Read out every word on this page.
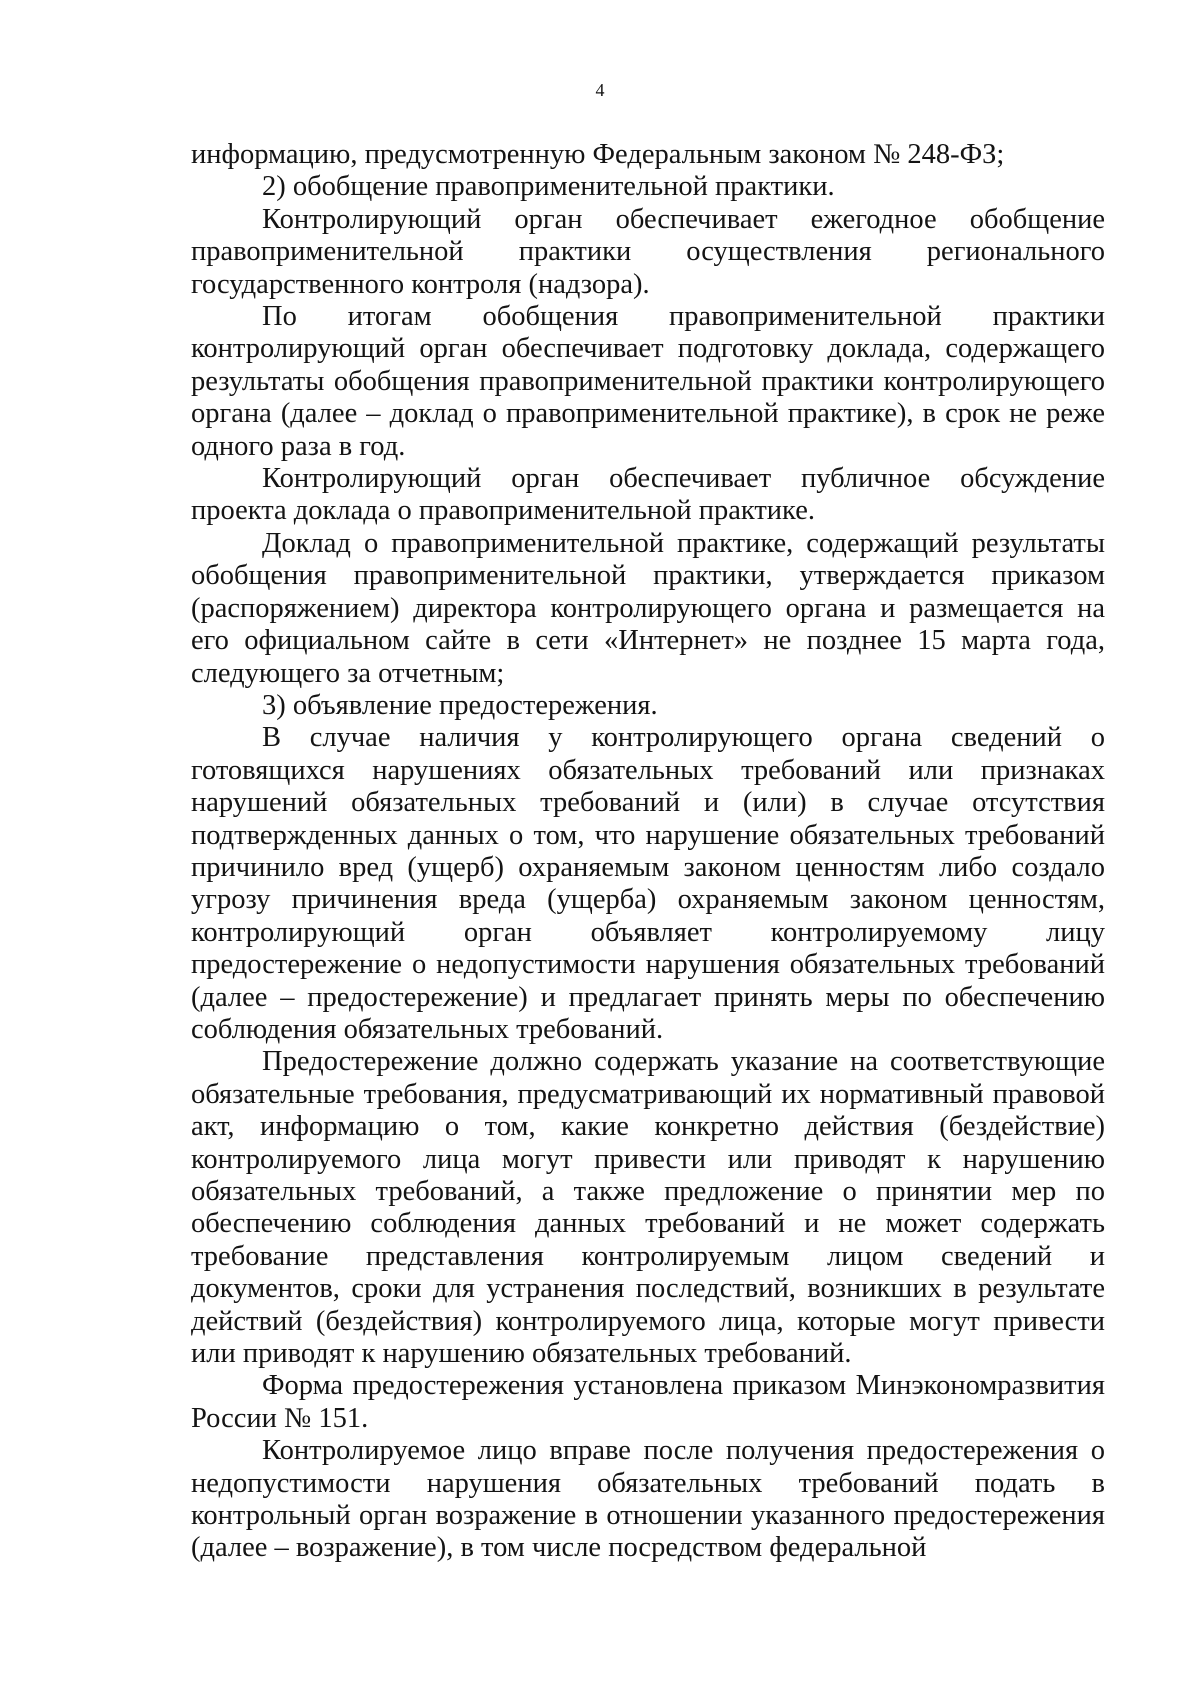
4

информацию, предусмотренную Федеральным законом № 248-ФЗ;

2) обобщение правоприменительной практики.

Контролирующий орган обеспечивает ежегодное обобщение правоприменительной практики осуществления регионального государственного контроля (надзора).

По итогам обобщения правоприменительной практики контролирующий орган обеспечивает подготовку доклада, содержащего результаты обобщения правоприменительной практики контролирующего органа (далее – доклад о правоприменительной практике), в срок не реже одного раза в год.

Контролирующий орган обеспечивает публичное обсуждение проекта доклада о правоприменительной практике.

Доклад о правоприменительной практике, содержащий результаты обобщения правоприменительной практики, утверждается приказом (распоряжением) директора контролирующего органа и размещается на его официальном сайте в сети «Интернет» не позднее 15 марта года, следующего за отчетным;

3) объявление предостережения.

В случае наличия у контролирующего органа сведений о готовящихся нарушениях обязательных требований или признаках нарушений обязательных требований и (или) в случае отсутствия подтвержденных данных о том, что нарушение обязательных требований причинило вред (ущерб) охраняемым законом ценностям либо создало угрозу причинения вреда (ущерба) охраняемым законом ценностям, контролирующий орган объявляет контролируемому лицу предостережение о недопустимости нарушения обязательных требований (далее – предостережение) и предлагает принять меры по обеспечению соблюдения обязательных требований.

Предостережение должно содержать указание на соответствующие обязательные требования, предусматривающий их нормативный правовой акт, информацию о том, какие конкретно действия (бездействие) контролируемого лица могут привести или приводят к нарушению обязательных требований, а также предложение о принятии мер по обеспечению соблюдения данных требований и не может содержать требование представления контролируемым лицом сведений и документов, сроки для устранения последствий, возникших в результате действий (бездействия) контролируемого лица, которые могут привести или приводят к нарушению обязательных требований.

Форма предостережения установлена приказом Минэкономразвития России № 151.

Контролируемое лицо вправе после получения предостережения о недопустимости нарушения обязательных требований подать в контрольный орган возражение в отношении указанного предостережения (далее – возражение), в том числе посредством федеральной
